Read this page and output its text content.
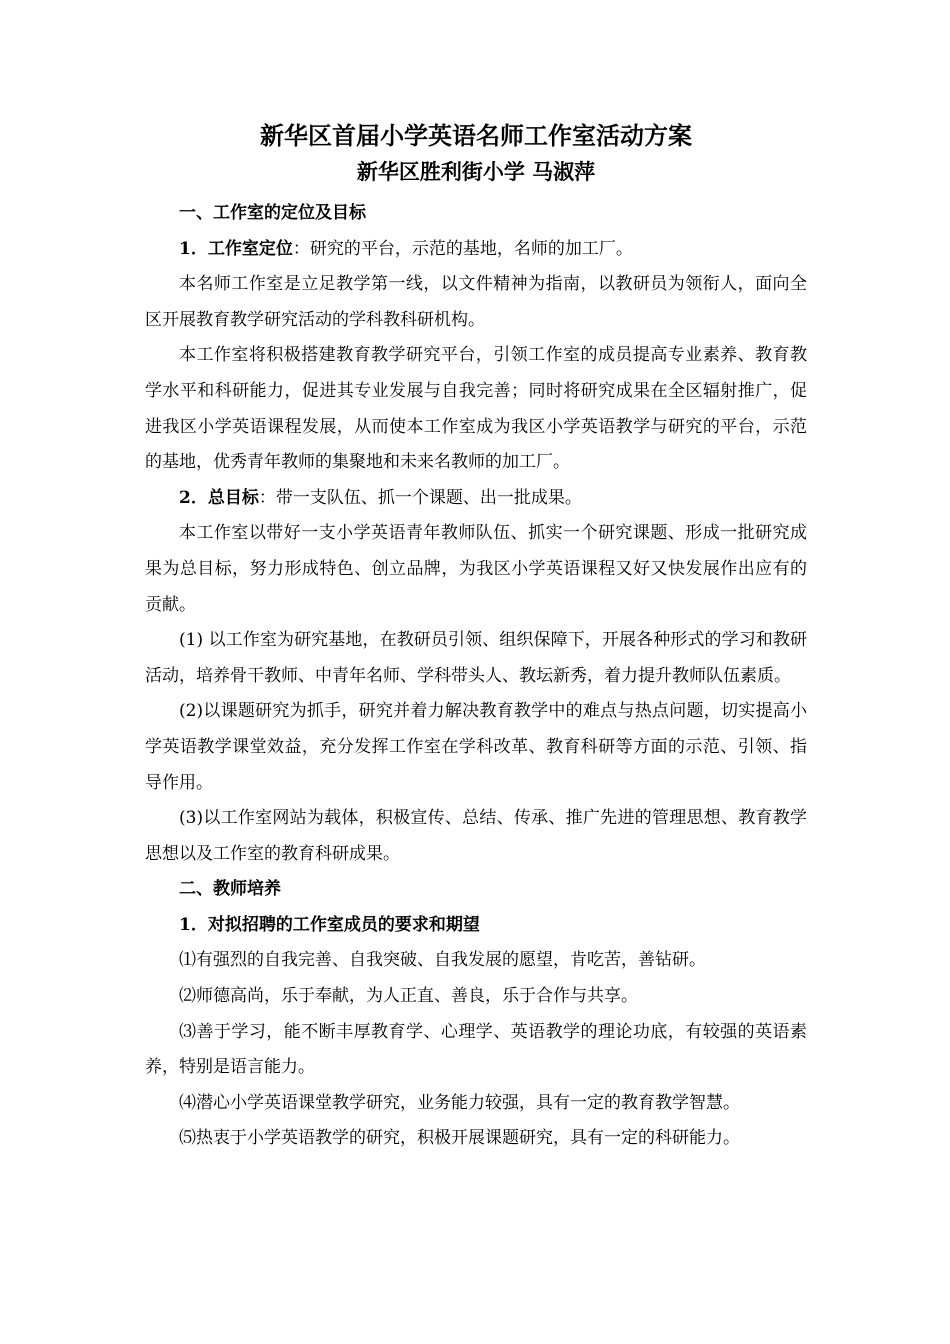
新华区首届小学英语名师工作室活动方案
新华区胜利街小学 马淑萍

一、工作室的定位及目标

1．工作室定位：研究的平台，示范的基地，名师的加工厂。

本名师工作室是立足教学第一线，以文件精神为指南，以教研员为领衔人，面向全区开展教育教学研究活动的学科教科研机构。

本工作室将积极搭建教育教学研究平台，引领工作室的成员提高专业素养、教育教学水平和科研能力，促进其专业发展与自我完善；同时将研究成果在全区辐射推广，促进我区小学英语课程发展，从而使本工作室成为我区小学英语教学与研究的平台，示范的基地，优秀青年教师的集聚地和未来名教师的加工厂。

2．总目标：带一支队伍、抓一个课题、出一批成果。

本工作室以带好一支小学英语青年教师队伍、抓实一个研究课题、形成一批研究成果为总目标，努力形成特色、创立品牌，为我区小学英语课程又好又快发展作出应有的贡献。

(1) 以工作室为研究基地，在教研员引领、组织保障下，开展各种形式的学习和教研活动，培养骨干教师、中青年名师、学科带头人、教坛新秀，着力提升教师队伍素质。

(2)以课题研究为抓手，研究并着力解决教育教学中的难点与热点问题，切实提高小学英语教学课堂效益，充分发挥工作室在学科改革、教育科研等方面的示范、引领、指导作用。

(3)以工作室网站为载体，积极宣传、总结、传承、推广先进的管理思想、教育教学思想以及工作室的教育科研成果。

二、教师培养

1．对拟招聘的工作室成员的要求和期望

⑴有强烈的自我完善、自我突破、自我发展的愿望，肯吃苦，善钻研。

⑵师德高尚，乐于奉献，为人正直、善良，乐于合作与共享。

⑶善于学习，能不断丰厚教育学、心理学、英语教学的理论功底，有较强的英语素养，特别是语言能力。

⑷潜心小学英语课堂教学研究，业务能力较强，具有一定的教育教学智慧。

⑸热衷于小学英语教学的研究，积极开展课题研究，具有一定的科研能力。
